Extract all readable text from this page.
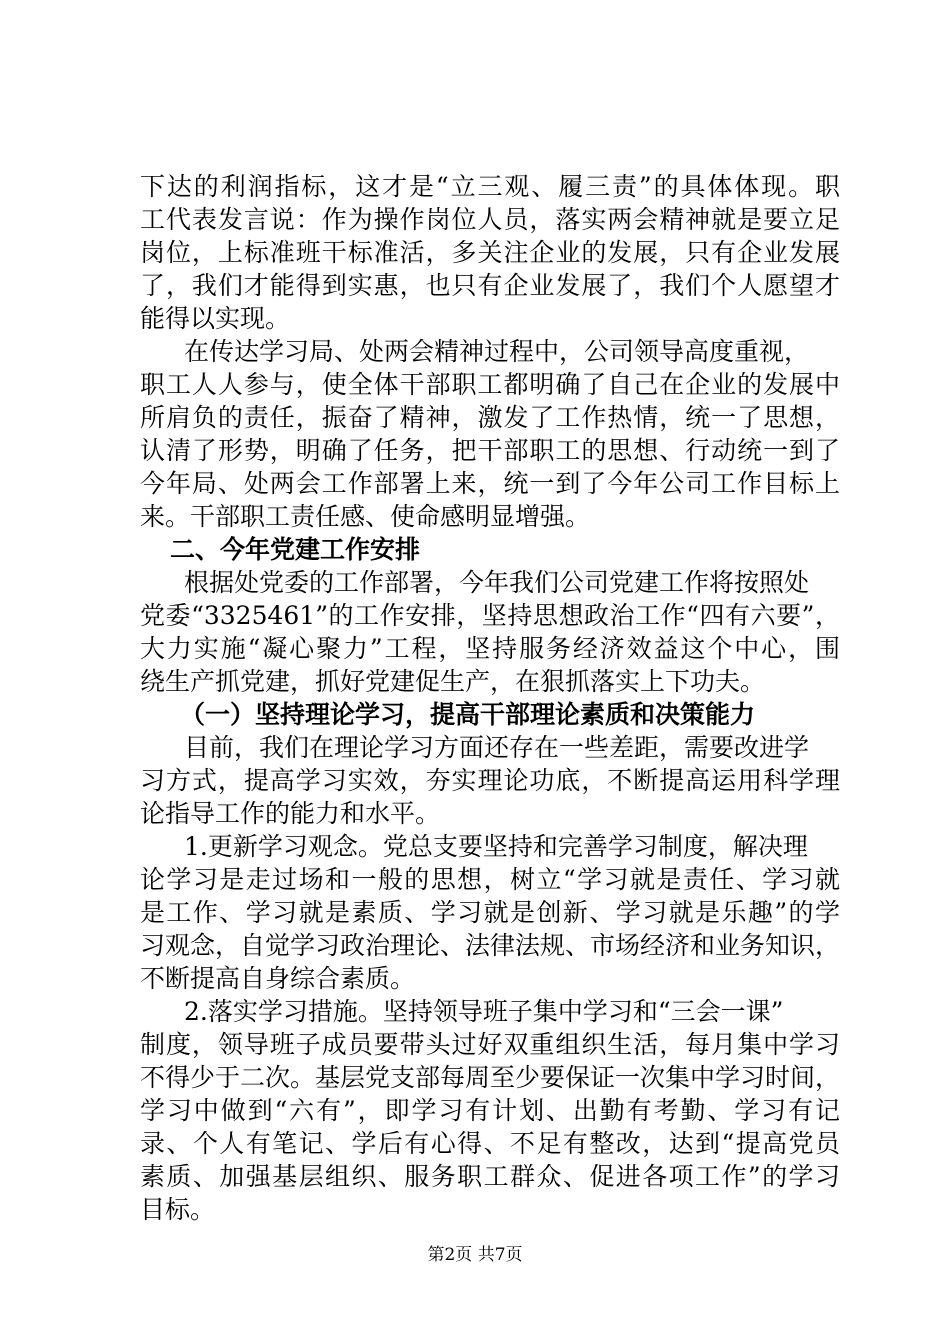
下达的利润指标，这才是“立三观、履三责”的具体体现。职
工代表发言说：作为操作岗位人员，落实两会精神就是要立足
岗位，上标准班干标准活，多关注企业的发展，只有企业发展
了，我们才能得到实惠，也只有企业发展了，我们个人愿望才
能得以实现。
在传达学习局、处两会精神过程中，公司领导高度重视，
职工人人参与，使全体干部职工都明确了自己在企业的发展中
所肩负的责任，振奋了精神，激发了工作热情，统一了思想，
认清了形势，明确了任务，把干部职工的思想、行动统一到了
今年局、处两会工作部署上来，统一到了今年公司工作目标上
来。干部职工责任感、使命感明显增强。
二、今年党建工作安排
根据处党委的工作部署，今年我们公司党建工作将按照处
党委“3325461”的工作安排，坚持思想政治工作“四有六要”，
大力实施“凝心聚力”工程，坚持服务经济效益这个中心，围
绕生产抓党建，抓好党建促生产，在狠抓落实上下功夫。
（一）坚持理论学习，提高干部理论素质和决策能力
目前，我们在理论学习方面还存在一些差距，需要改进学
习方式，提高学习实效，夯实理论功底，不断提高运用科学理
论指导工作的能力和水平。
1.更新学习观念。党总支要坚持和完善学习制度，解决理
论学习是走过场和一般的思想，树立“学习就是责任、学习就
是工作、学习就是素质、学习就是创新、学习就是乐趣”的学
习观念，自觉学习政治理论、法律法规、市场经济和业务知识，
不断提高自身综合素质。
2.落实学习措施。坚持领导班子集中学习和“三会一课”
制度，领导班子成员要带头过好双重组织生活，每月集中学习
不得少于二次。基层党支部每周至少要保证一次集中学习时间，
学习中做到“六有”，即学习有计划、出勤有考勤、学习有记
录、个人有笔记、学后有心得、不足有整改，达到“提高党员
素质、加强基层组织、服务职工群众、促进各项工作”的学习
目标。
第2页 共7页
